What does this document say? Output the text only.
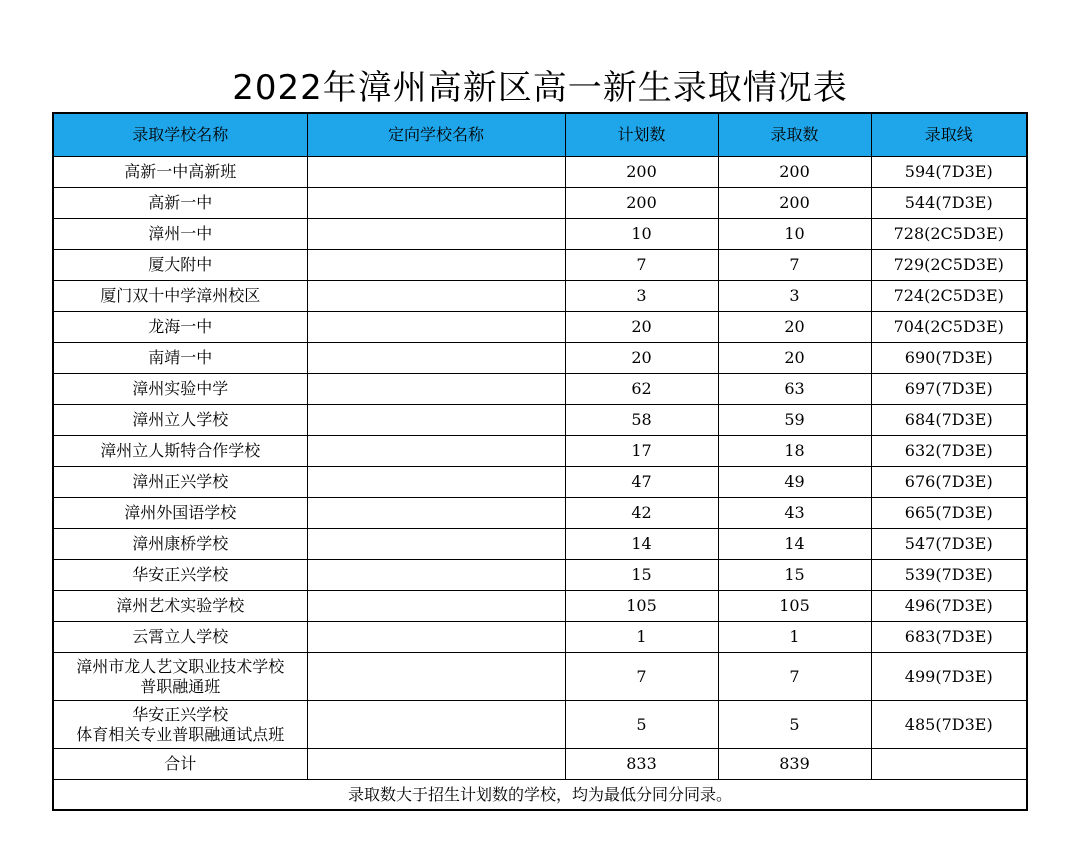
2022年漳州高新区高一新生录取情况表
录取学校名称	定向学校名称	计划数	录取数	录取线

高新一中高新班		200	200	594(7D3E)

高新一中		200	200	544(7D3E)

漳州一中		10	10	728(2C5D3E)

厦大附中		7	7	729(2C5D3E)

厦门双十中学漳州校区		3	3	724(2C5D3E)

龙海一中		20	20	704(2C5D3E)

南靖一中		20	20	690(7D3E)

漳州实验中学		62	63	697(7D3E)

漳州立人学校		58	59	684(7D3E)

漳州立人斯特合作学校		17	18	632(7D3E)

漳州正兴学校		47	49	676(7D3E)

漳州外国语学校		42	43	665(7D3E)

漳州康桥学校		14	14	547(7D3E)

华安正兴学校		15	15	539(7D3E)

漳州艺术实验学校		105	105	496(7D3E)

云霄立人学校		1	1	683(7D3E)

漳州市龙人艺文职业技术学校
普职融通班		7	7	499(7D3E)

华安正兴学校
体育相关专业普职融通试点班		5	5	485(7D3E)
合计		833	839	
录取数大于招生计划数的学校，均为最低分同分同录。				
